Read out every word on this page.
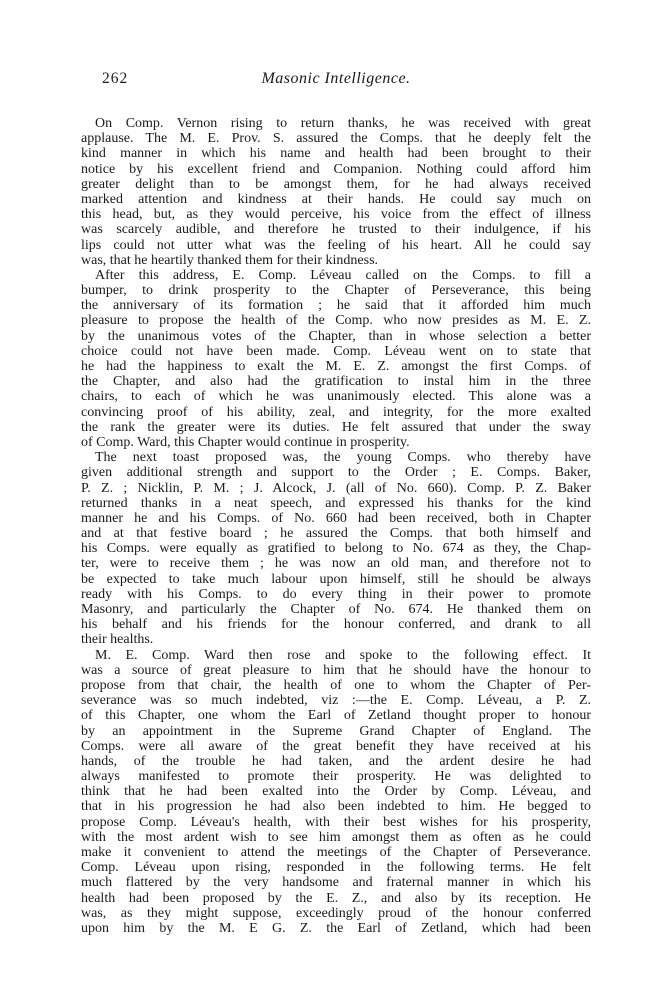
262	Masonic Intelligence.

On Comp. Vernon rising to return thanks, he was received with great
applause. The M. E. Prov. S. assured the Comps. that he deeply felt the
kind manner in which his name and health had been brought to their
notice by his excellent friend and Companion. Nothing could afford him
greater delight than to be amongst them, for he had always received
marked attention and kindness at their hands. He could say much on
this head, but, as they would perceive, his voice from the effect of illness
was scarcely audible, and therefore he trusted to their indulgence, if his
lips could not utter what was the feeling of his heart. All he could say
was, that he heartily thanked them for their kindness.

After this address, E. Comp. Léveau called on the Comps. to fill a
bumper, to drink prosperity to the Chapter of Perseverance, this being
the anniversary of its formation ; he said that it afforded him much
pleasure to propose the health of the Comp. who now presides as M. E. Z.
by the unanimous votes of the Chapter, than in whose selection a better
choice could not have been made. Comp. Léveau went on to state that
he had the happiness to exalt the M. E. Z. amongst the first Comps. of
the Chapter, and also had the gratification to instal him in the three
chairs, to each of which he was unanimously elected. This alone was a
convincing proof of his ability, zeal, and integrity, for the more exalted
the rank the greater were its duties. He felt assured that under the sway
of Comp. Ward, this Chapter would continue in prosperity.

The next toast proposed was, the young Comps. who thereby have
given additional strength and support to the Order ; E. Comps. Baker,
P. Z. ; Nicklin, P. M. ; J. Alcock, J. (all of No. 660). Comp. P. Z. Baker
returned thanks in a neat speech, and expressed his thanks for the kind
manner he and his Comps. of No. 660 had been received, both in Chapter
and at that festive board ; he assured the Comps. that both himself and
his Comps. were equally as gratified to belong to No. 674 as they, the Chap-
ter, were to receive them ; he was now an old man, and therefore not to
be expected to take much labour upon himself, still he should be always
ready with his Comps. to do every thing in their power to promote
Masonry, and particularly the Chapter of No. 674. He thanked them on
his behalf and his friends for the honour conferred, and drank to all
their healths.

M. E. Comp. Ward then rose and spoke to the following effect. It
was a source of great pleasure to him that he should have the honour to
propose from that chair, the health of one to whom the Chapter of Per-
severance was so much indebted, viz :—the E. Comp. Léveau, a P. Z.
of this Chapter, one whom the Earl of Zetland thought proper to honour
by an appointment in the Supreme Grand Chapter of England. The
Comps. were all aware of the great benefit they have received at his
hands, of the trouble he had taken, and the ardent desire he had
always manifested to promote their prosperity. He was delighted to
think that he had been exalted into the Order by Comp. Léveau, and
that in his progression he had also been indebted to him. He begged to
propose Comp. Léveau's health, with their best wishes for his prosperity,
with the most ardent wish to see him amongst them as often as he could
make it convenient to attend the meetings of the Chapter of Perseverance.
Comp. Léveau upon rising, responded in the following terms. He felt
much flattered by the very handsome and fraternal manner in which his
health had been proposed by the E. Z., and also by its reception. He
was, as they might suppose, exceedingly proud of the honour conferred
upon him by the M. E G. Z. the Earl of Zetland, which had been
